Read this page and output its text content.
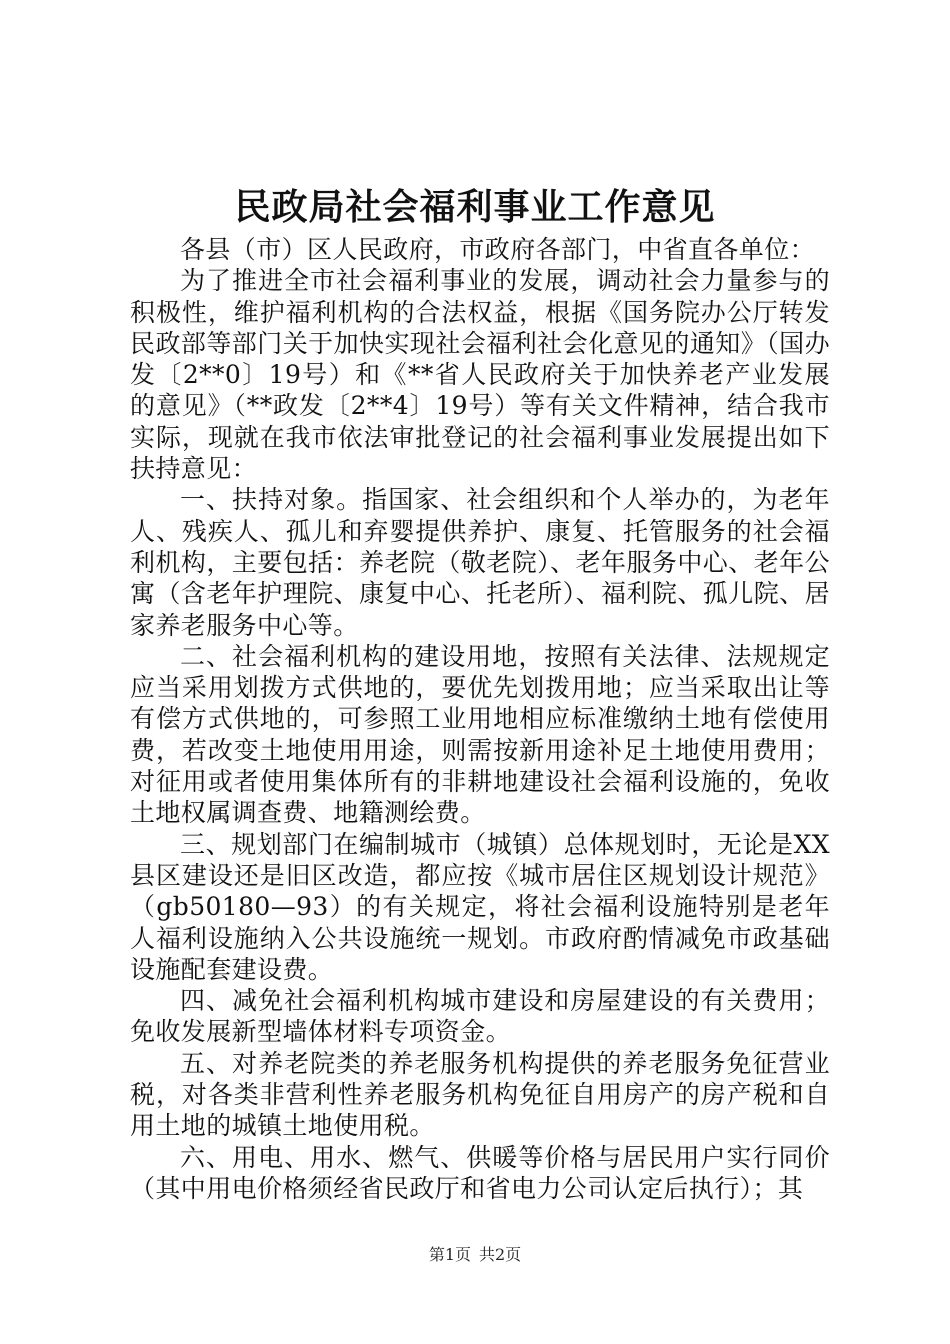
民政局社会福利事业工作意见

各县（市）区人民政府，市政府各部门，中省直各单位：

为了推进全市社会福利事业的发展，调动社会力量参与的积极性，维护福利机构的合法权益，根据《国务院办公厅转发民政部等部门关于加快实现社会福利社会化意见的通知》（国办发〔2**0〕19号）和《**省人民政府关于加快养老产业发展的意见》（**政发〔2**4〕19号）等有关文件精神，结合我市实际，现就在我市依法审批登记的社会福利事业发展提出如下扶持意见：

一、扶持对象。指国家、社会组织和个人举办的，为老年人、残疾人、孤儿和弃婴提供养护、康复、托管服务的社会福利机构，主要包括：养老院（敬老院）、老年服务中心、老年公寓（含老年护理院、康复中心、托老所）、福利院、孤儿院、居家养老服务中心等。

二、社会福利机构的建设用地，按照有关法律、法规规定应当采用划拨方式供地的，要优先划拨用地；应当采取出让等有偿方式供地的，可参照工业用地相应标准缴纳土地有偿使用费，若改变土地使用用途，则需按新用途补足土地使用费用；对征用或者使用集体所有的非耕地建设社会福利设施的，免收土地权属调查费、地籍测绘费。

三、规划部门在编制城市（城镇）总体规划时，无论是XX县区建设还是旧区改造，都应按《城市居住区规划设计规范》（gb50180—93）的有关规定，将社会福利设施特别是老年人福利设施纳入公共设施统一规划。市政府酌情减免市政基础设施配套建设费。

四、减免社会福利机构城市建设和房屋建设的有关费用；免收发展新型墙体材料专项资金。

五、对养老院类的养老服务机构提供的养老服务免征营业税，对各类非营利性养老服务机构免征自用房产的房产税和自用土地的城镇土地使用税。

六、用电、用水、燃气、供暖等价格与居民用户实行同价（其中用电价格须经省民政厅和省电力公司认定后执行）；其

第1页 共2页
